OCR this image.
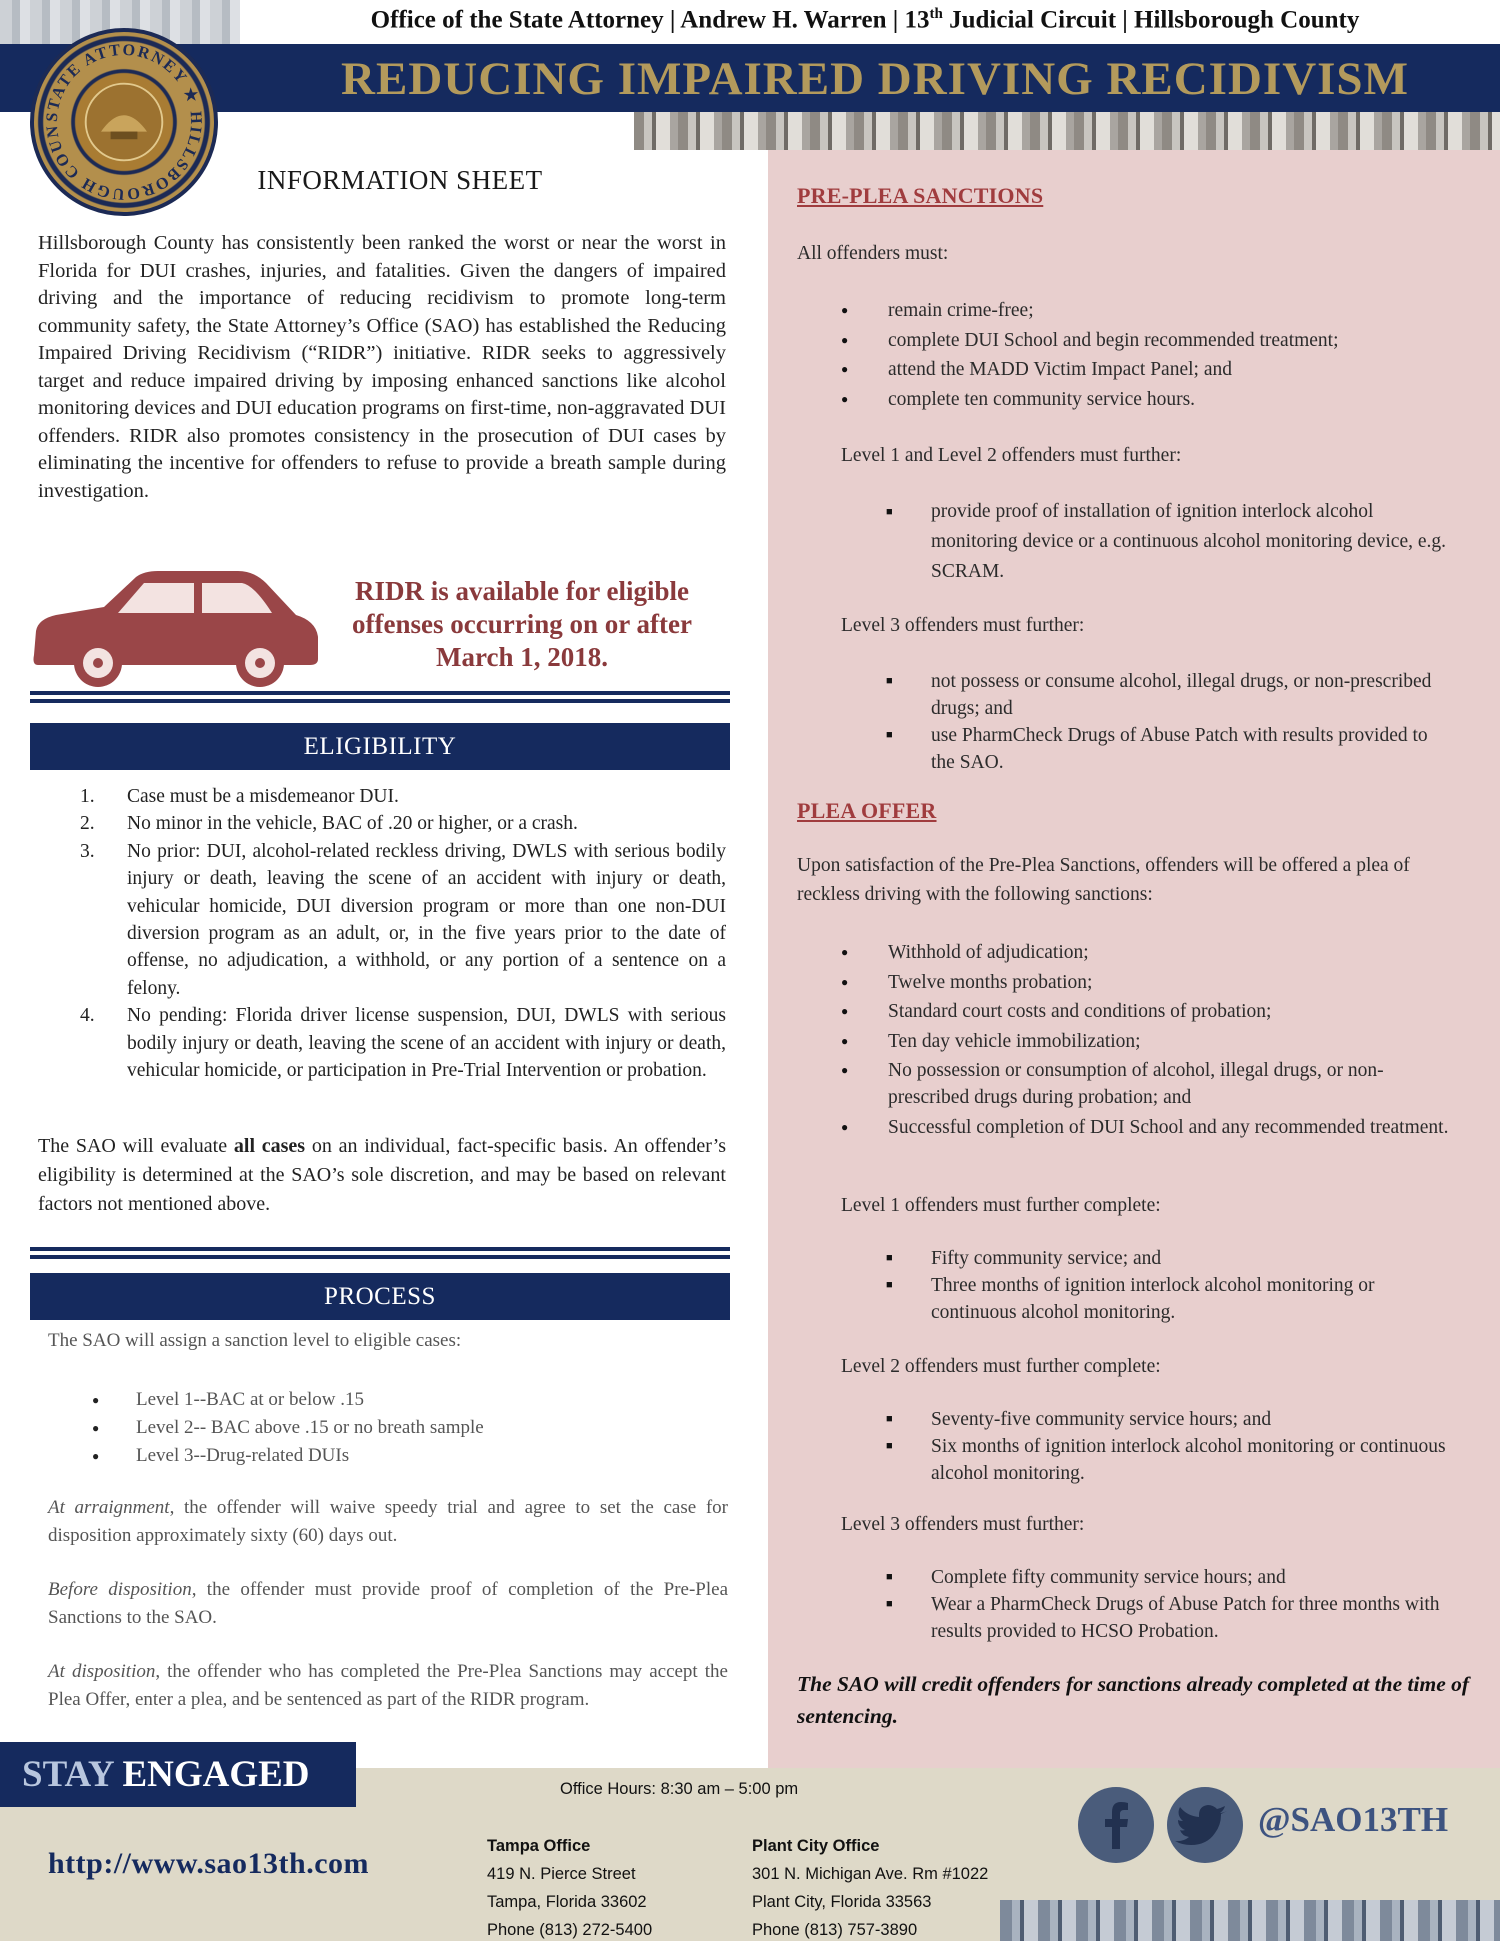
Office of the State Attorney | Andrew H. Warren | 13th Judicial Circuit | Hillsborough County
REDUCING IMPAIRED DRIVING RECIDIVISM
STATE ATTORNEY ★ HILLSBOROUGH COUN
INFORMATION SHEET

Hillsborough County has consistently been ranked the worst or near the worst in Florida for DUI crashes, injuries, and fatalities. Given the dangers of impaired driving and the importance of reducing recidivism to promote long-term community safety, the State Attorney’s Office (SAO) has established the Reducing Impaired Driving Recidivism (“RIDR”) initiative. RIDR seeks to aggressively target and reduce impaired driving by imposing enhanced sanctions like alcohol monitoring devices and DUI education programs on first-time, non-aggravated DUI offenders. RIDR also promotes consistency in the prosecution of DUI cases by eliminating the incentive for offenders to refuse to provide a breath sample during investigation.

RIDR is available for eligible offenses occurring on or after March 1, 2018.
ELIGIBILITY
1. Case must be a misdemeanor DUI.
2. No minor in the vehicle, BAC of .20 or higher, or a crash.
3. No prior: DUI, alcohol-related reckless driving, DWLS with serious bodily injury or death, leaving the scene of an accident with injury or death, vehicular homicide, DUI diversion program or more than one non-DUI diversion program as an adult, or, in the five years prior to the date of offense, no adjudication, a withhold, or any portion of a sentence on a felony.
4. No pending: Florida driver license suspension, DUI, DWLS with serious bodily injury or death, leaving the scene of an accident with injury or death, vehicular homicide, or participation in Pre-Trial Intervention or probation.

The SAO will evaluate all cases on an individual, fact-specific basis. An offender’s eligibility is determined at the SAO’s sole discretion, and may be based on relevant factors not mentioned above.

PROCESS
The SAO will assign a sanction level to eligible cases:
● Level 1--BAC at or below .15
● Level 2-- BAC above .15 or no breath sample
● Level 3--Drug-related DUIs

At arraignment, the offender will waive speedy trial and agree to set the case for disposition approximately sixty (60) days out.

Before disposition, the offender must provide proof of completion of the Pre-Plea Sanctions to the SAO.

At disposition, the offender who has completed the Pre-Plea Sanctions may accept the Plea Offer, enter a plea, and be sentenced as part of the RIDR program.

PRE-PLEA SANCTIONS
All offenders must:
● remain crime-free;
● complete DUI School and begin recommended treatment;
● attend the MADD Victim Impact Panel; and
● complete ten community service hours.
Level 1 and Level 2 offenders must further:
■ provide proof of installation of ignition interlock alcohol monitoring device or a continuous alcohol monitoring device, e.g. SCRAM.
Level 3 offenders must further:
■ not possess or consume alcohol, illegal drugs, or non-prescribed drugs; and
■ use PharmCheck Drugs of Abuse Patch with results provided to the SAO.
PLEA OFFER
Upon satisfaction of the Pre-Plea Sanctions, offenders will be offered a plea of reckless driving with the following sanctions:
● Withhold of adjudication;
● Twelve months probation;
● Standard court costs and conditions of probation;
● Ten day vehicle immobilization;
● No possession or consumption of alcohol, illegal drugs, or non-prescribed drugs during probation; and
● Successful completion of DUI School and any recommended treatment.
Level 1 offenders must further complete:
■ Fifty community service; and
■ Three months of ignition interlock alcohol monitoring or continuous alcohol monitoring.
Level 2 offenders must further complete:
■ Seventy-five community service hours; and
■ Six months of ignition interlock alcohol monitoring or continuous alcohol monitoring.
Level 3 offenders must further:
■ Complete fifty community service hours; and
■ Wear a PharmCheck Drugs of Abuse Patch for three months with results provided to HCSO Probation.
The SAO will credit offenders for sanctions already completed at the time of sentencing.
STAY ENGAGED	Office Hours: 8:30 am – 5:00 pm
http://www.sao13th.com
Tampa Office
419 N. Pierce Street
Tampa, Florida 33602
Phone (813) 272-5400
Plant City Office
301 N. Michigan Ave. Rm #1022
Plant City, Florida 33563
Phone (813) 757-3890
@SAO13TH
